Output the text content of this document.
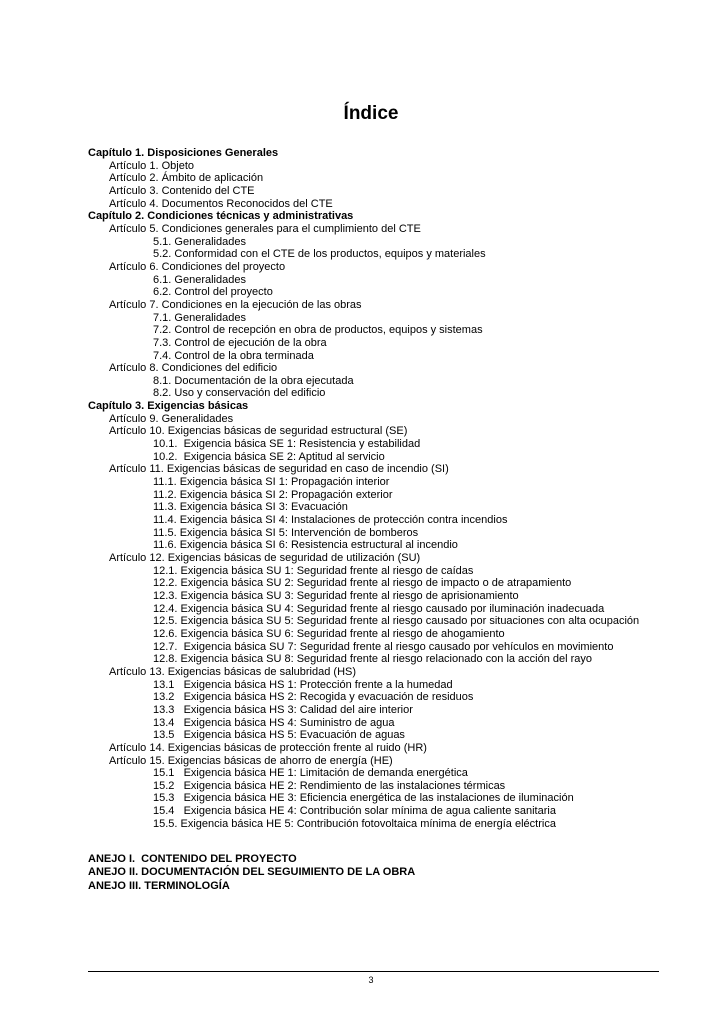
Índice
Capítulo 1. Disposiciones Generales
Artículo 1. Objeto
Artículo 2. Ámbito de aplicación
Artículo 3. Contenido del CTE
Artículo 4. Documentos Reconocidos del CTE
Capítulo 2. Condiciones técnicas y administrativas
Artículo 5. Condiciones generales para el cumplimiento del CTE
5.1. Generalidades
5.2. Conformidad con el CTE de los productos, equipos y materiales
Artículo 6. Condiciones del proyecto
6.1. Generalidades
6.2. Control del proyecto
Artículo 7. Condiciones en la ejecución de las obras
7.1. Generalidades
7.2. Control de recepción en obra de productos, equipos y sistemas
7.3. Control de ejecución de la obra
7.4. Control de la obra terminada
Artículo 8. Condiciones del edificio
8.1. Documentación de la obra ejecutada
8.2. Uso y conservación del edificio
Capítulo 3. Exigencias básicas
Artículo 9. Generalidades
Artículo 10. Exigencias básicas de seguridad estructural (SE)
10.1.  Exigencia básica SE 1: Resistencia y estabilidad
10.2.  Exigencia básica SE 2: Aptitud al servicio
Artículo 11. Exigencias básicas de seguridad en caso de incendio (SI)
11.1. Exigencia básica SI 1: Propagación interior
11.2. Exigencia básica SI 2: Propagación exterior
11.3. Exigencia básica SI 3: Evacuación
11.4. Exigencia básica SI 4: Instalaciones de protección contra incendios
11.5. Exigencia básica SI 5: Intervención de bomberos
11.6. Exigencia básica SI 6: Resistencia estructural al incendio
Artículo 12. Exigencias básicas de seguridad de utilización (SU)
12.1. Exigencia básica SU 1: Seguridad frente al riesgo de caídas
12.2. Exigencia básica SU 2: Seguridad frente al riesgo de impacto o de atrapamiento
12.3. Exigencia básica SU 3: Seguridad frente al riesgo de aprisionamiento
12.4. Exigencia básica SU 4: Seguridad frente al riesgo causado por iluminación inadecuada
12.5. Exigencia básica SU 5: Seguridad frente al riesgo causado por situaciones con alta ocupación
12.6. Exigencia básica SU 6: Seguridad frente al riesgo de ahogamiento
12.7.  Exigencia básica SU 7: Seguridad frente al riesgo causado por vehículos en movimiento
12.8. Exigencia básica SU 8: Seguridad frente al riesgo relacionado con la acción del rayo
Artículo 13. Exigencias básicas de salubridad (HS)
13.1   Exigencia básica HS 1: Protección frente a la humedad
13.2   Exigencia básica HS 2: Recogida y evacuación de residuos
13.3   Exigencia básica HS 3: Calidad del aire interior
13.4   Exigencia básica HS 4: Suministro de agua
13.5   Exigencia básica HS 5: Evacuación de aguas
Artículo 14. Exigencias básicas de protección frente al ruido (HR)
Artículo 15. Exigencias básicas de ahorro de energía (HE)
15.1   Exigencia básica HE 1: Limitación de demanda energética
15.2   Exigencia básica HE 2: Rendimiento de las instalaciones térmicas
15.3   Exigencia básica HE 3: Eficiencia energética de las instalaciones de iluminación
15.4   Exigencia básica HE 4: Contribución solar mínima de agua caliente sanitaria
15.5. Exigencia básica HE 5: Contribución fotovoltaica mínima de energía eléctrica
ANEJO I.  CONTENIDO DEL PROYECTO
ANEJO II. DOCUMENTACIÓN DEL SEGUIMIENTO DE LA OBRA
ANEJO III. TERMINOLOGÍA
3
